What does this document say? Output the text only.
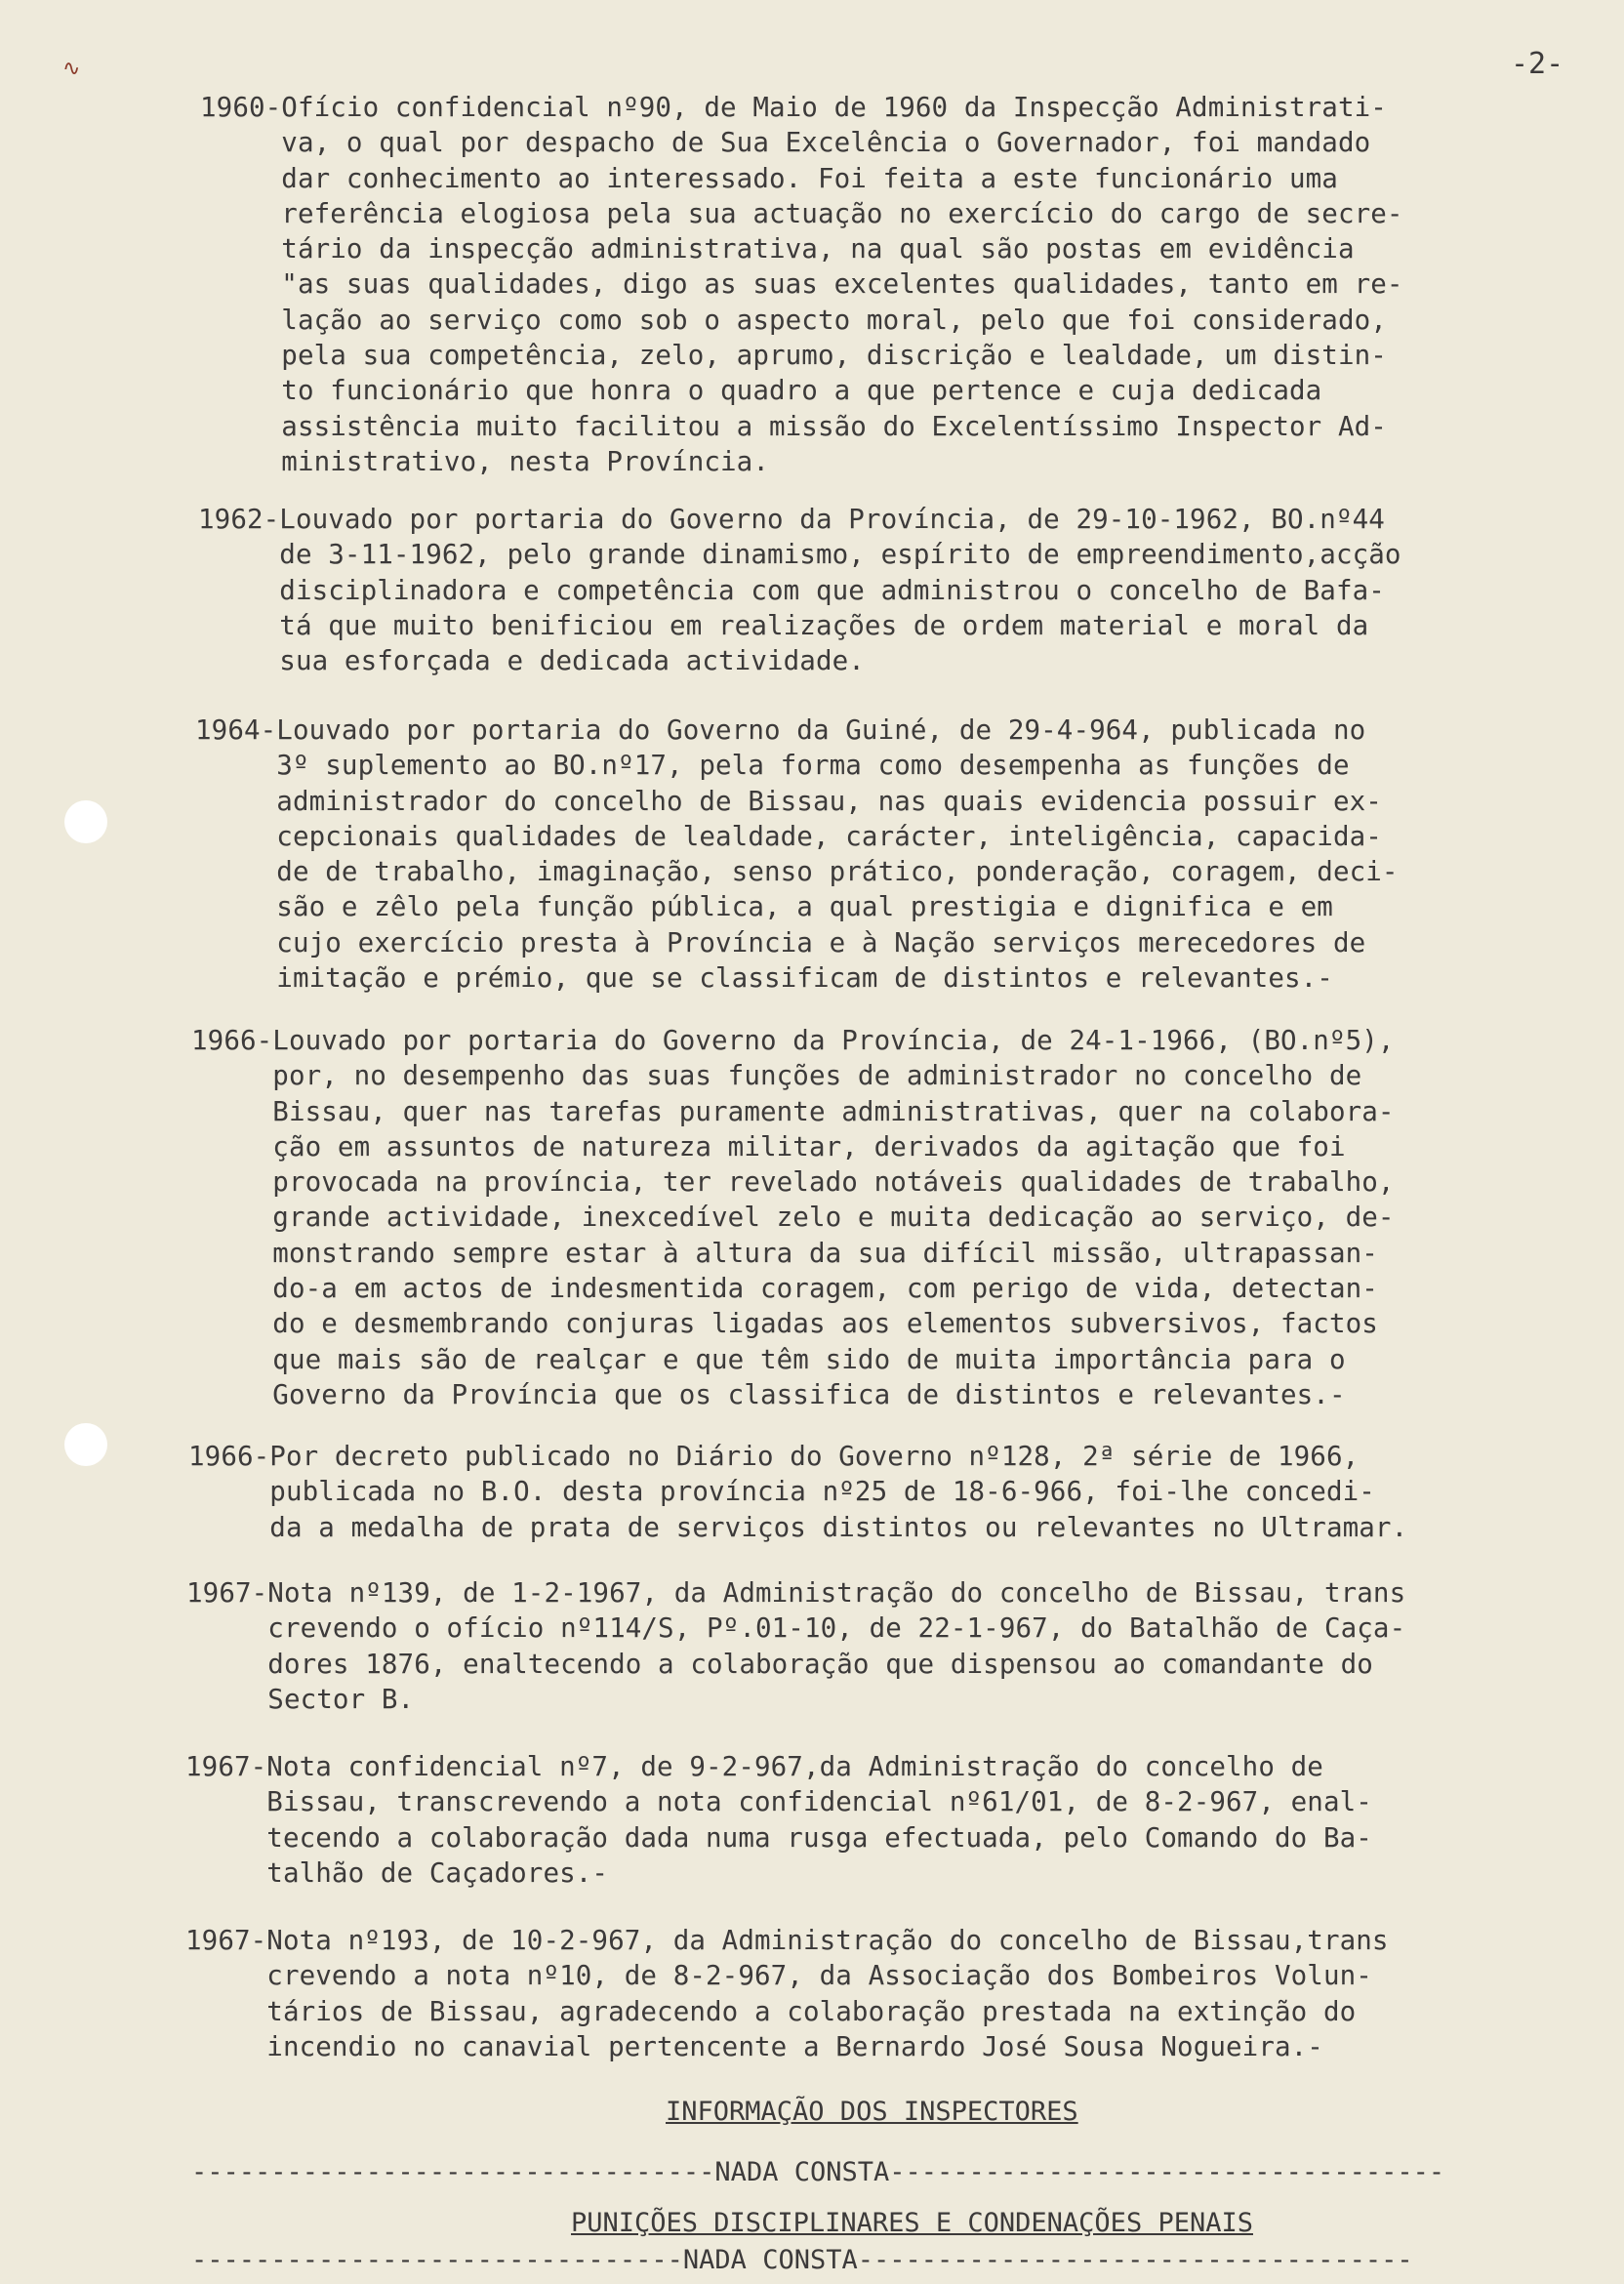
∿	-2-
1960-Ofício confidencial nº90, de Maio de 1960 da Inspecção Administrati-
va, o qual por despacho de Sua Excelência o Governador, foi mandado
dar conhecimento ao interessado. Foi feita a este funcionário uma
referência elogiosa pela sua actuação no exercício do cargo de secre-
tário da inspecção administrativa, na qual são postas em evidência
"as suas qualidades, digo as suas excelentes qualidades, tanto em re-
lação ao serviço como sob o aspecto moral, pelo que foi considerado,
pela sua competência, zelo, aprumo, discrição e lealdade, um distin-
to funcionário que honra o quadro a que pertence e cuja dedicada
assistência muito facilitou a missão do Excelentíssimo Inspector Ad-
ministrativo, nesta Província.
1962-Louvado por portaria do Governo da Província, de 29-10-1962, BO.nº44
de 3-11-1962, pelo grande dinamismo, espírito de empreendimento,acção
disciplinadora e competência com que administrou o concelho de Bafa-
tá que muito benificiou em realizações de ordem material e moral da
sua esforçada e dedicada actividade.
1964-Louvado por portaria do Governo da Guiné, de 29-4-964, publicada no
3º suplemento ao BO.nº17, pela forma como desempenha as funções de
administrador do concelho de Bissau, nas quais evidencia possuir ex-
cepcionais qualidades de lealdade, carácter, inteligência, capacida-
de de trabalho, imaginação, senso prático, ponderação, coragem, deci-
são e zêlo pela função pública, a qual prestigia e dignifica e em
cujo exercício presta à Província e à Nação serviços merecedores de
imitação e prémio, que se classificam de distintos e relevantes.-
1966-Louvado por portaria do Governo da Província, de 24-1-1966, (BO.nº5),
por, no desempenho das suas funções de administrador no concelho de
Bissau, quer nas tarefas puramente administrativas, quer na colabora-
ção em assuntos de natureza militar, derivados da agitação que foi
provocada na província, ter revelado notáveis qualidades de trabalho,
grande actividade, inexcedível zelo e muita dedicação ao serviço, de-
monstrando sempre estar à altura da sua difícil missão, ultrapassan-
do-a em actos de indesmentida coragem, com perigo de vida, detectan-
do e desmembrando conjuras ligadas aos elementos subversivos, factos
que mais são de realçar e que têm sido de muita importância para o
Governo da Província que os classifica de distintos e relevantes.-
1966-Por decreto publicado no Diário do Governo nº128, 2ª série de 1966,
publicada no B.O. desta província nº25 de 18-6-966, foi-lhe concedi-
da a medalha de prata de serviços distintos ou relevantes no Ultramar.
1967-Nota nº139, de 1-2-1967, da Administração do concelho de Bissau, trans
crevendo o ofício nº114/S, Pº.01-10, de 22-1-967, do Batalhão de Caça-
dores 1876, enaltecendo a colaboração que dispensou ao comandante do
Sector B.
1967-Nota confidencial nº7, de 9-2-967,da Administração do concelho de
Bissau, transcrevendo a nota confidencial nº61/01, de 8-2-967, enal-
tecendo a colaboração dada numa rusga efectuada, pelo Comando do Ba-
talhão de Caçadores.-
1967-Nota nº193, de 10-2-967, da Administração do concelho de Bissau,trans
crevendo a nota nº10, de 8-2-967, da Associação dos Bombeiros Volun-
tários de Bissau, agradecendo a colaboração prestada na extinção do
incendio no canavial pertencente a Bernardo José Sousa Nogueira.-
INFORMAÇÃO DOS INSPECTORES
---------------------------------NADA CONSTA-----------------------------------
PUNIÇÕES DISCIPLINARES E CONDENAÇÕES PENAIS
-------------------------------NADA CONSTA-----------------------------------
